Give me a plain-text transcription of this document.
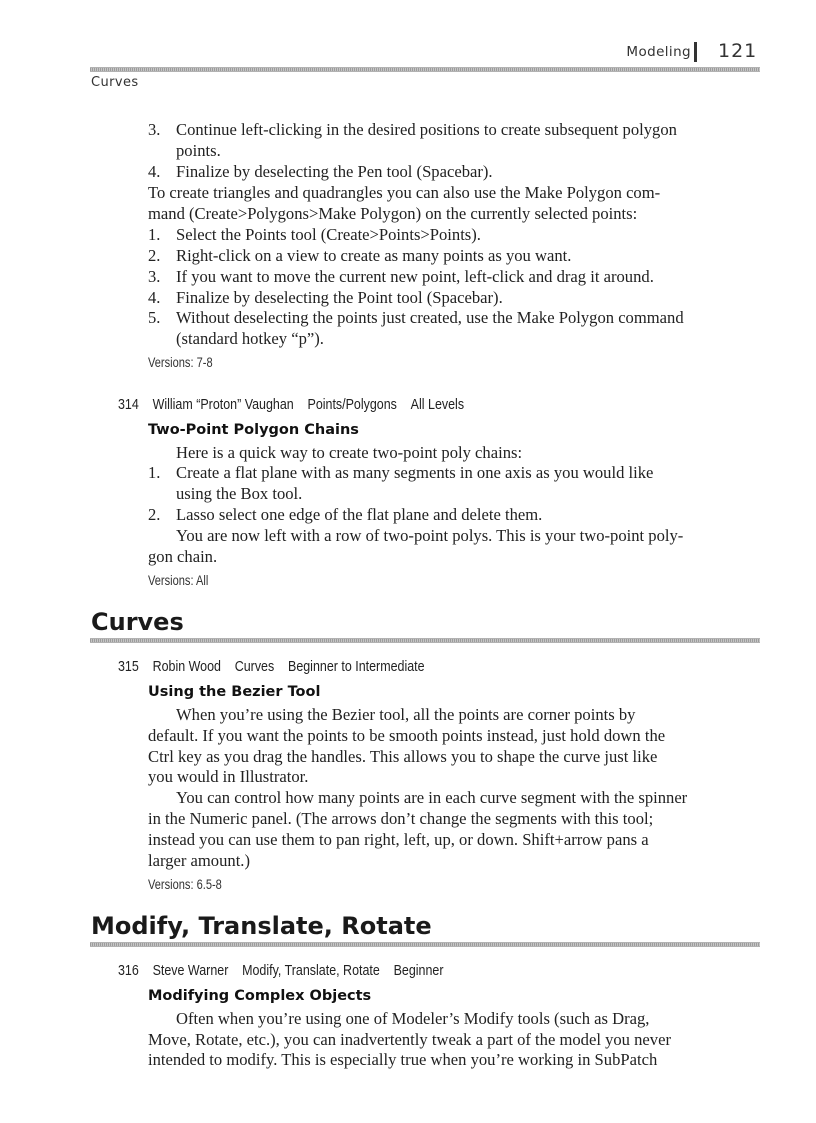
Modeling 121
Curves
3. Continue left-clicking in the desired positions to create subsequent polygon
points.
4. Finalize by deselecting the Pen tool (Spacebar).
To create triangles and quadrangles you can also use the Make Polygon com-
mand (Create>Polygons>Make Polygon) on the currently selected points:
1. Select the Points tool (Create>Points>Points).
2. Right-click on a view to create as many points as you want.
3. If you want to move the current new point, left-click and drag it around.
4. Finalize by deselecting the Point tool (Spacebar).
5. Without deselecting the points just created, use the Make Polygon command
(standard hotkey “p”).
Versions: 7-8
314 William “Proton” Vaughan Points/Polygons All Levels
Two-Point Polygon Chains
Here is a quick way to create two-point poly chains:
1. Create a flat plane with as many segments in one axis as you would like
using the Box tool.
2. Lasso select one edge of the flat plane and delete them.
You are now left with a row of two-point polys. This is your two-point poly-
gon chain.
Versions: All
Curves
315 Robin Wood Curves Beginner to Intermediate
Using the Bezier Tool
When you’re using the Bezier tool, all the points are corner points by
default. If you want the points to be smooth points instead, just hold down the
Ctrl key as you drag the handles. This allows you to shape the curve just like
you would in Illustrator.
You can control how many points are in each curve segment with the spinner
in the Numeric panel. (The arrows don’t change the segments with this tool;
instead you can use them to pan right, left, up, or down. Shift+arrow pans a
larger amount.)
Versions: 6.5-8
Modify, Translate, Rotate
316 Steve Warner Modify, Translate, Rotate Beginner
Modifying Complex Objects
Often when you’re using one of Modeler’s Modify tools (such as Drag,
Move, Rotate, etc.), you can inadvertently tweak a part of the model you never
intended to modify. This is especially true when you’re working in SubPatch
